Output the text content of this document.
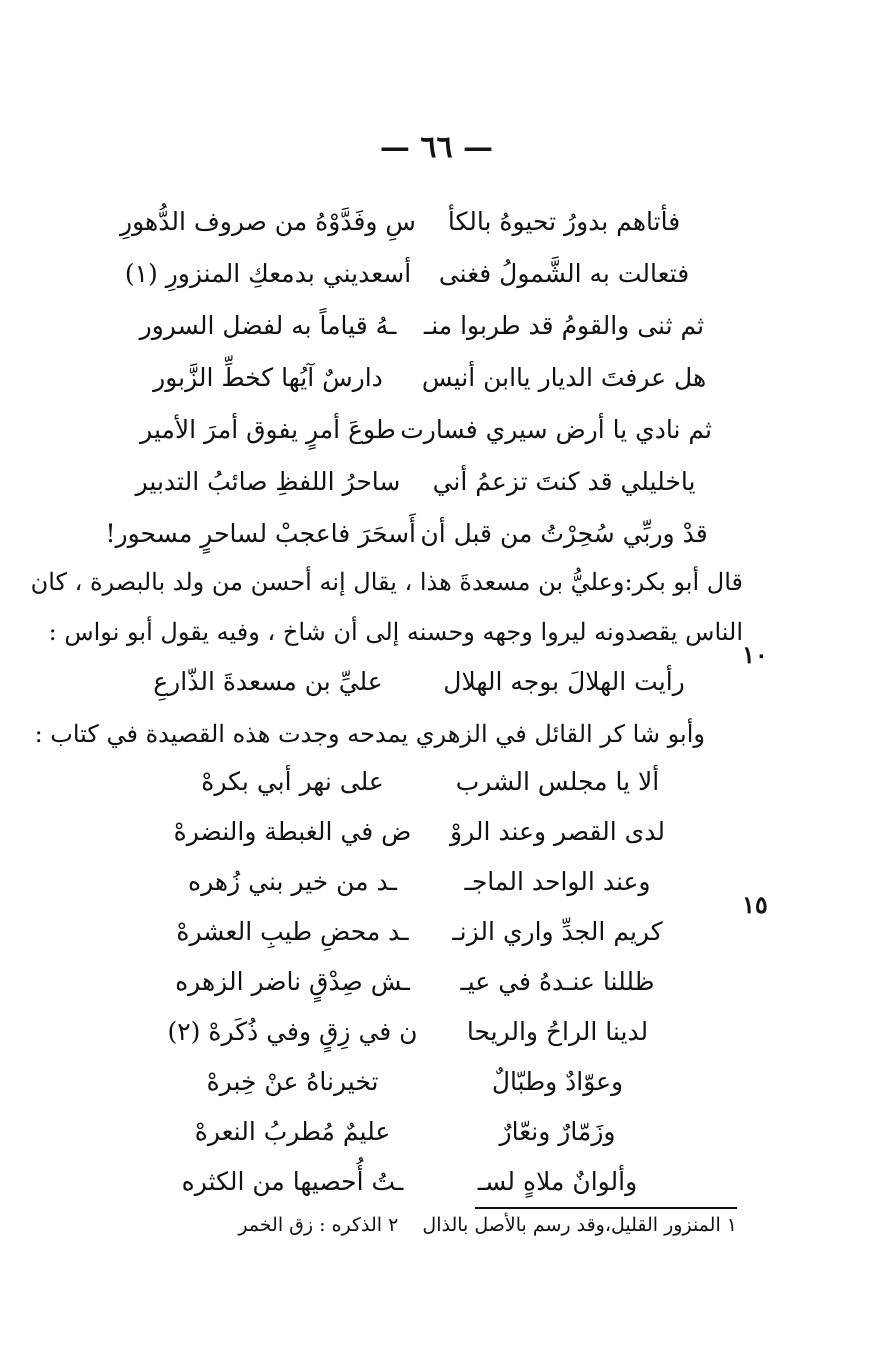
— ٦٦ —
فأتاهم بدورُ تحيوهُ بالكأ
سِ وفَدَّوْهُ من صروف الدُّهورِ
فتعالت به الشَّمولُ فغنى
أسعديني بدمعكِ المنزورِ (١)
ثم ثنى والقومُ قد طربوا منـ
ـهُ قياماً به لفضل السرور
هل عرفتَ الديار ياابن أنيس
دارسٌ آيُها كخطِّ الزَّبور
ثم نادي يا أرض سيري فسارت
طوعَ أمرٍ يفوق أمرَ الأمير
ياخليلي قد كنتَ تزعمُ أني
ساحرُ اللفظِ صائبُ التدبير
قدْ وربِّي سُحِرْتُ من قبل أن
أَسحَرَ فاعجبْ لساحرٍ مسحور!
قال أبو بكر:وعليُّ بن مسعدةَ هذا ، يقال إنه أحسن من ولد بالبصرة ، كان
الناس يقصدونه ليروا وجهه وحسنه إلى أن شاخ ، وفيه يقول أبو نواس :
١٠
رأيت الهلالَ بوجه الهلال
عليِّ بن مسعدةَ الذّارعِ
وأبو شا كر القائل في الزهري يمدحه وجدت هذه القصيدة في كتاب :
ألا يا مجلس الشرب
على نهر أبي بكرهْ
لدى القصر وعند الروْ
ض في الغبطة والنضرهْ
وعند الواحد الماجـ
ـد من خير بني زُهره
كريم الجدِّ واري الزنـ
ـد محضِ طيبِ العشرهْ
ظللنا عنـدهُ في عيـ
ـش صِدْقٍ ناضر الزهره
لدينا الراحُ والريحا
ن في زِقٍ وفي ذُكَرهْ (٢)
وعوّادٌ وطبّالٌ
تخيرناهُ عنْ خِبرهْ
وزَمّارٌ ونعّارٌ
عليمٌ مُطربُ النعرهْ
وألوانٌ ملاهٍ لسـ
ـتُ أُحصيها من الكثره
١٥
١ المنزور القليل،وقد رسم بالأصل بالذال ٢ الذكره : زق الخمر
